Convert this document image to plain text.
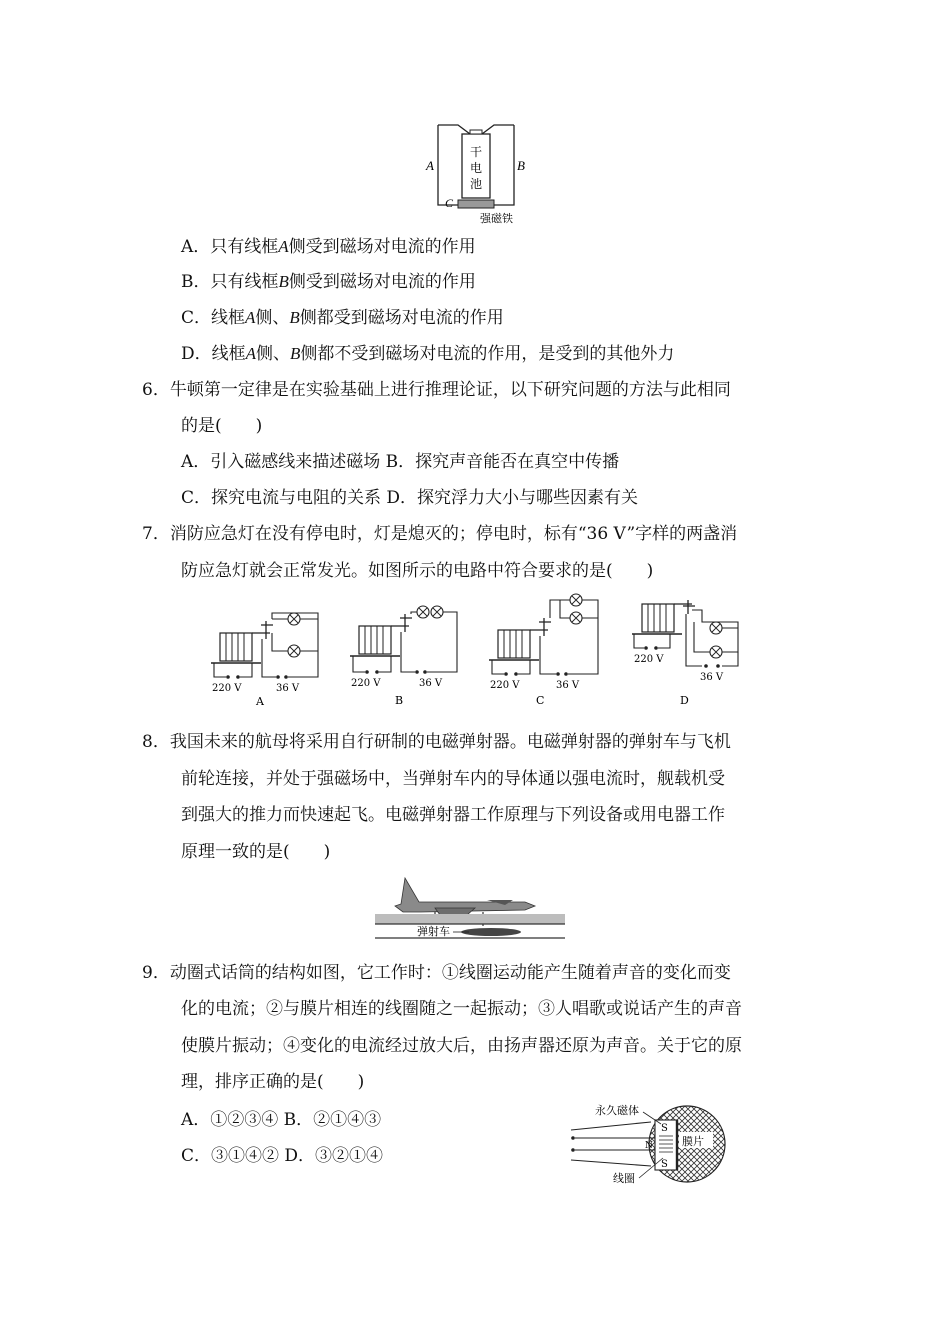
A	B
C
干
电
池
强磁铁
A．只有线框A侧受到磁场对电流的作用
B．只有线框B侧受到磁场对电流的作用
C．线框A侧、B侧都受到磁场对电流的作用
D．线框A侧、B侧都不受到磁场对电流的作用，是受到的其他外力
6．牛顿第一定律是在实验基础上进行推理论证，以下研究问题的方法与此相同
的是(　　)
A．引入磁感线来描述磁场 B．探究声音能否在真空中传播
C．探究电流与电阻的关系 D．探究浮力大小与哪些因素有关
7．消防应急灯在没有停电时，灯是熄灭的；停电时，标有“36 V”字样的两盏消
防应急灯就会正常发光。如图所示的电路中符合要求的是(　　)
220 V	36 V
A
220 V	36 V
B
220 V	36 V
C
220 V
36 V
D
8．我国未来的航母将采用自行研制的电磁弹射器。电磁弹射器的弹射车与飞机
前轮连接，并处于强磁场中，当弹射车内的导体通以强电流时，舰载机受
到强大的推力而快速起飞。电磁弹射器工作原理与下列设备或用电器工作
原理一致的是(　　)
弹射车
9．动圈式话筒的结构如图，它工作时：①线圈运动能产生随着声音的变化而变
化的电流；②与膜片相连的线圈随之一起振动；③人唱歌或说话产生的声音
使膜片振动；④变化的电流经过放大后，由扬声器还原为声音。关于它的原
理，排序正确的是(　　)
A．①②③④ B．②①④③
C．③①④② D．③②①④
S
N
S
膜片
永久磁体
线圈
